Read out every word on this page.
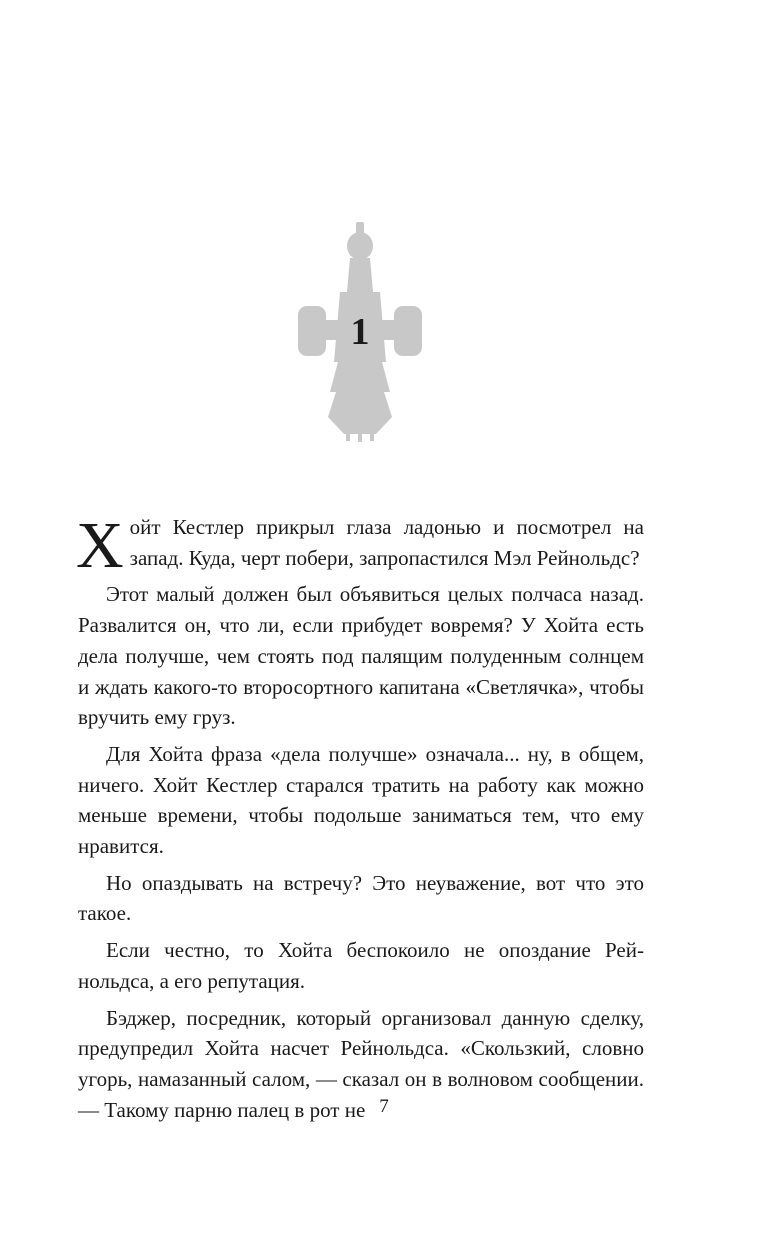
1

Хойт Кестлер прикрыл глаза ладонью и посмотрел на запад. Куда, черт побери, запропастился Мэл Рейнольдс?

Этот малый должен был объявиться целых полчаса назад. Развалится он, что ли, если прибудет вовремя? У Хойта есть дела получше, чем стоять под палящим полуденным солнцем и ждать какого-то второсортного капитана «Светлячка», чтобы вручить ему груз.

Для Хойта фраза «дела получше» означала... ну, в общем, ничего. Хойт Кестлер старался тратить на работу как можно меньше времени, чтобы подольше заниматься тем, что ему нравится.

Но опаздывать на встречу? Это неуважение, вот что это такое.

Если честно, то Хойта беспокоило не опоздание Рейнольдса, а его репутация.

Бэджер, посредник, который организовал данную сделку, предупредил Хойта насчет Рейнольдса. «Скользкий, словно угорь, намазанный салом, — сказал он в волновом сообщении. — Такому парню палец в рот не 7
